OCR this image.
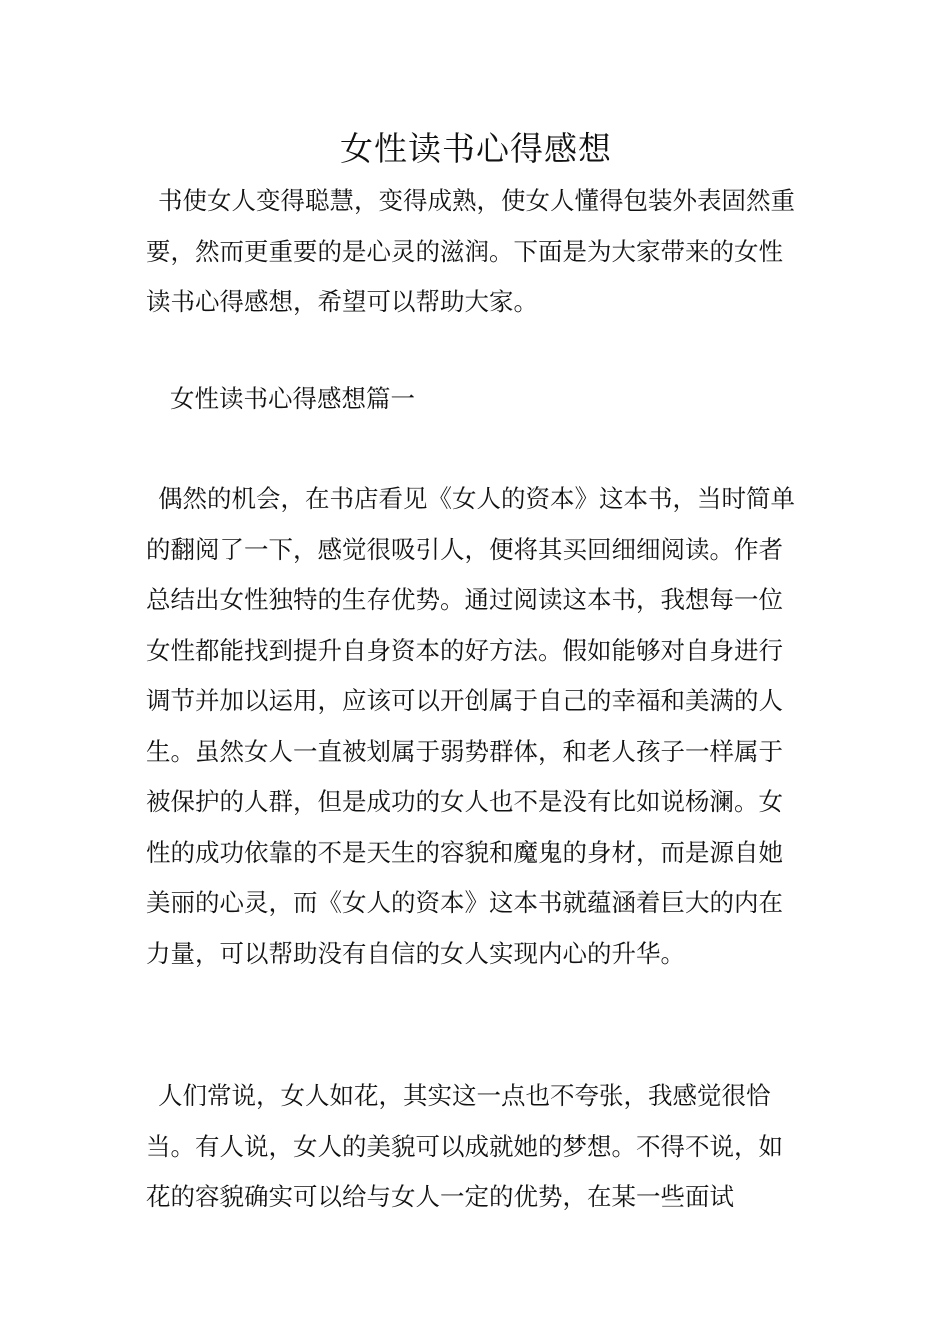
女性读书心得感想

书使女人变得聪慧，变得成熟，使女人懂得包装外表固然重要，然而更重要的是心灵的滋润。下面是为大家带来的女性读书心得感想，希望可以帮助大家。

女性读书心得感想篇一

偶然的机会，在书店看见《女人的资本》这本书，当时简单的翻阅了一下，感觉很吸引人，便将其买回细细阅读。作者总结出女性独特的生存优势。通过阅读这本书，我想每一位女性都能找到提升自身资本的好方法。假如能够对自身进行调节并加以运用，应该可以开创属于自己的幸福和美满的人生。虽然女人一直被划属于弱势群体，和老人孩子一样属于被保护的人群，但是成功的女人也不是没有比如说杨澜。女性的成功依靠的不是天生的容貌和魔鬼的身材，而是源自她美丽的心灵，而《女人的资本》这本书就蕴涵着巨大的内在力量，可以帮助没有自信的女人实现内心的升华。

人们常说，女人如花，其实这一点也不夸张，我感觉很恰当。有人说，女人的美貌可以成就她的梦想。不得不说，如花的容貌确实可以给与女人一定的优势，在某一些面试
